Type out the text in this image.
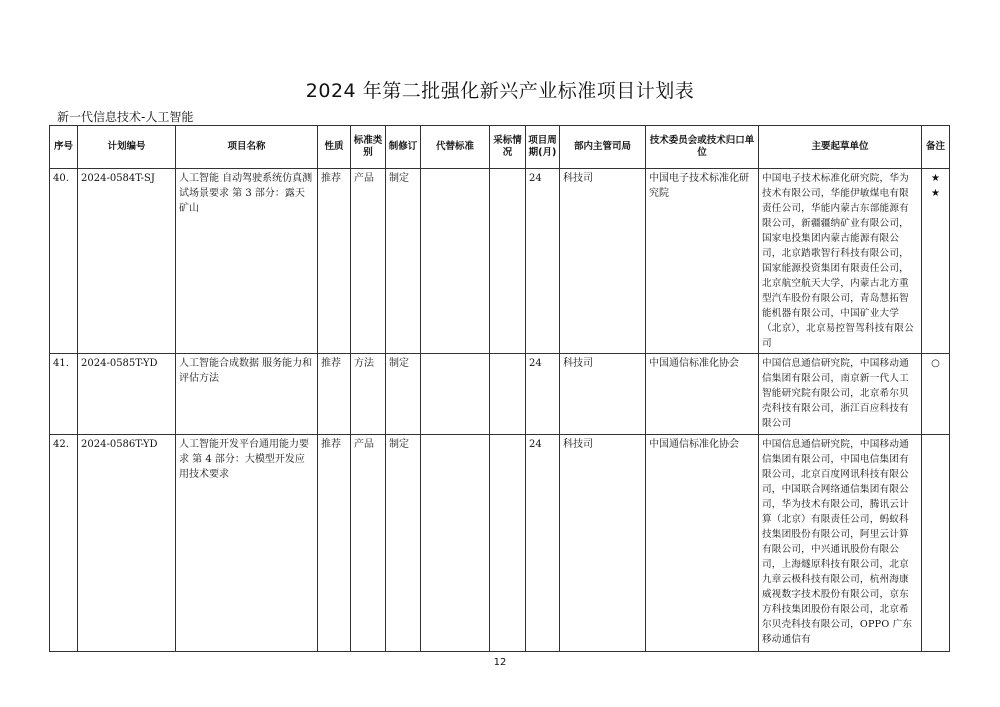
2024 年第二批强化新兴产业标准项目计划表
新一代信息技术-人工智能
序号	计划编号	项目名称	性质	标准类别	制修订	代替标准	采标情况	项目周期(月)	部内主管司局	技术委员会或技术归口单位	主要起草单位	备注
40.	2024-0584T-SJ	人工智能 自动驾驶系统仿真测试场景要求 第 3 部分：露天矿山	推荐	产品	制定			24	科技司	中国电子技术标准化研究院	中国电子技术标准化研究院，华为技术有限公司，华能伊敏煤电有限责任公司，华能内蒙古东部能源有限公司，新疆疆纳矿业有限公司，国家电投集团内蒙古能源有限公司，北京踏歌智行科技有限公司，国家能源投资集团有限责任公司，北京航空航天大学，内蒙古北方重型汽车股份有限公司，青岛慧拓智能机器有限公司，中国矿业大学（北京），北京易控智驾科技有限公司	★
★
41.	2024-0585T-YD	人工智能合成数据 服务能力和评估方法	推荐	方法	制定			24	科技司	中国通信标准化协会	中国信息通信研究院，中国移动通信集团有限公司，南京新一代人工智能研究院有限公司，北京希尔贝壳科技有限公司，浙江百应科技有限公司	○
42.	2024-0586T-YD	人工智能开发平台通用能力要求 第 4 部分：大模型开发应用技术要求	推荐	产品	制定			24	科技司	中国通信标准化协会	中国信息通信研究院，中国移动通信集团有限公司，中国电信集团有限公司，北京百度网讯科技有限公司，中国联合网络通信集团有限公司，华为技术有限公司，腾讯云计算（北京）有限责任公司，蚂蚁科技集团股份有限公司，阿里云计算有限公司，中兴通讯股份有限公司，上海燧原科技有限公司，北京九章云极科技有限公司，杭州海康威视数字技术股份有限公司，京东方科技集团股份有限公司，北京希尔贝壳科技有限公司，OPPO 广东移动通信有	
12
